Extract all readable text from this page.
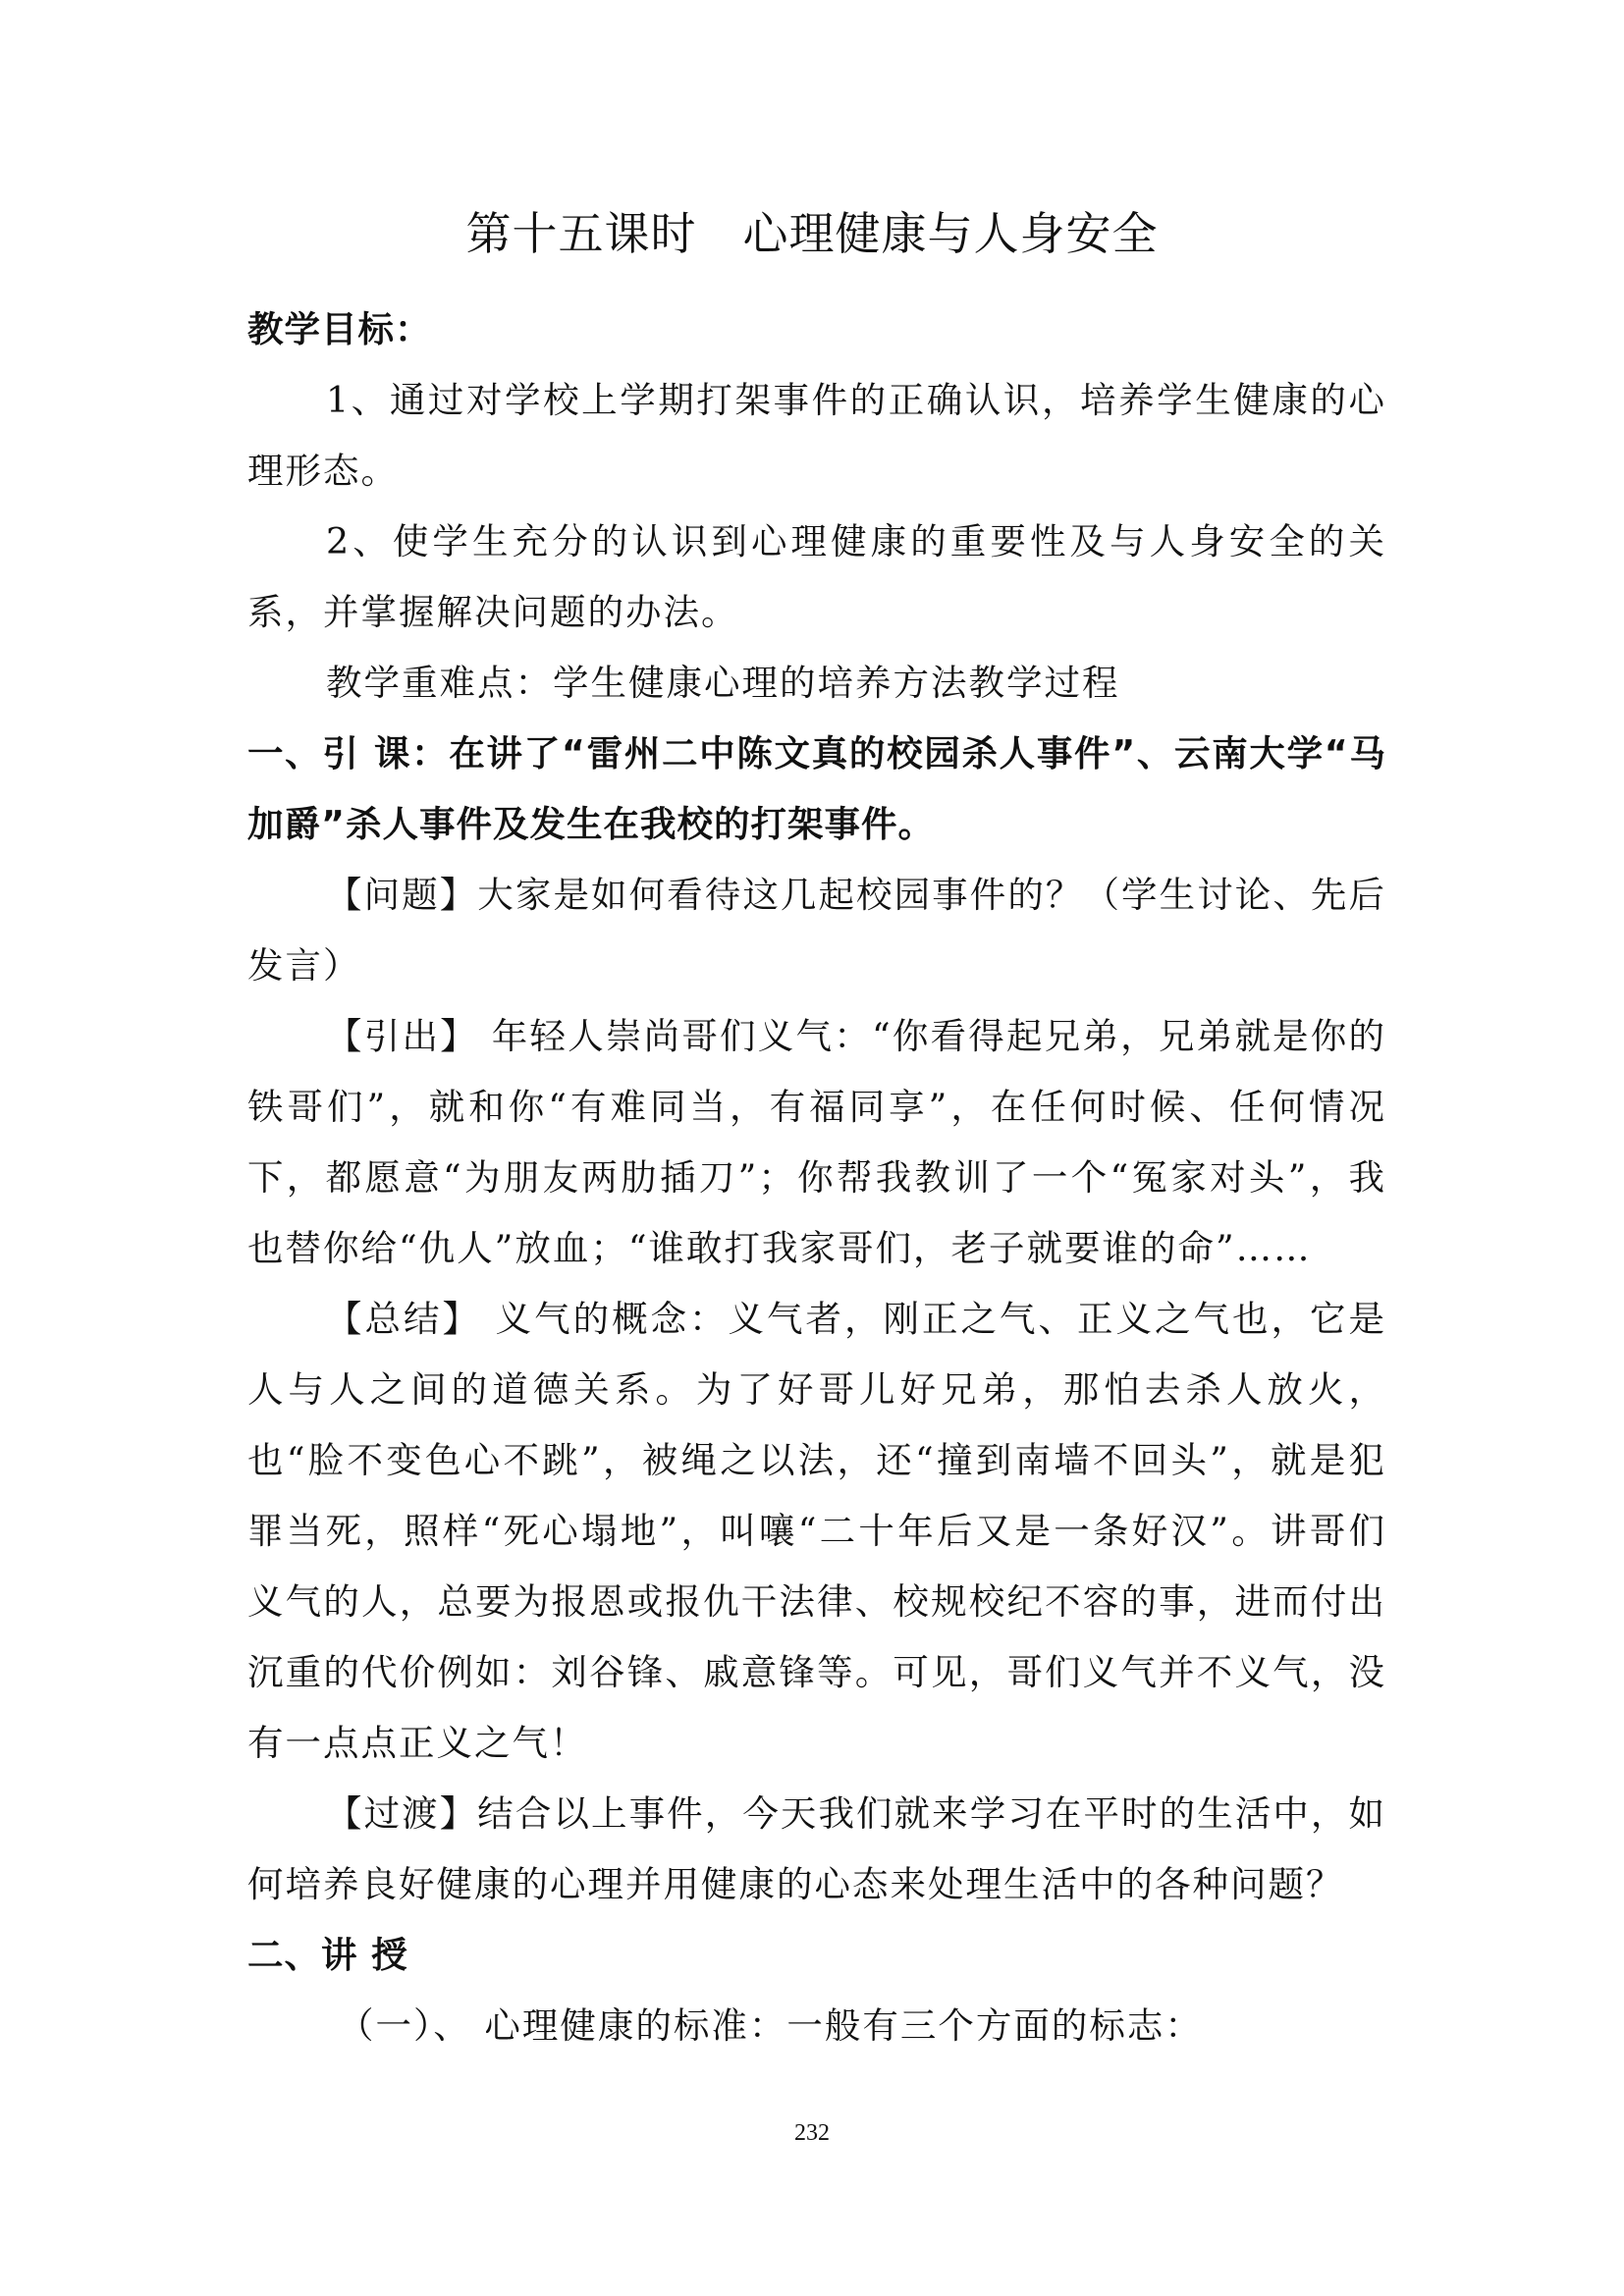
第十五课时　心理健康与人身安全

教学目标：

1、通过对学校上学期打架事件的正确认识，培养学生健康的心理形态。

2、使学生充分的认识到心理健康的重要性及与人身安全的关系，并掌握解决问题的办法。

教学重难点：学生健康心理的培养方法教学过程

一、引 课：在讲了“雷州二中陈文真的校园杀人事件”、云南大学“马加爵”杀人事件及发生在我校的打架事件。

【问题】大家是如何看待这几起校园事件的？（学生讨论、先后发言）

【引出】 年轻人崇尚哥们义气：“你看得起兄弟，兄弟就是你的铁哥们”，就和你“有难同当，有福同享”，在任何时候、任何情况下，都愿意“为朋友两肋插刀”；你帮我教训了一个“冤家对头”，我也替你给“仇人”放血；“谁敢打我家哥们，老子就要谁的命”……

【总结】 义气的概念：义气者，刚正之气、正义之气也，它是人与人之间的道德关系。为了好哥儿好兄弟，那怕去杀人放火，也“脸不变色心不跳”，被绳之以法，还“撞到南墙不回头”，就是犯罪当死，照样“死心塌地”，叫嚷“二十年后又是一条好汉”。讲哥们义气的人，总要为报恩或报仇干法律、校规校纪不容的事，进而付出沉重的代价例如：刘谷锋、戚意锋等。可见，哥们义气并不义气，没有一点点正义之气！

【过渡】结合以上事件，今天我们就来学习在平时的生活中，如何培养良好健康的心理并用健康的心态来处理生活中的各种问题？

二、讲 授

（一）、 心理健康的标准：一般有三个方面的标志：

232
